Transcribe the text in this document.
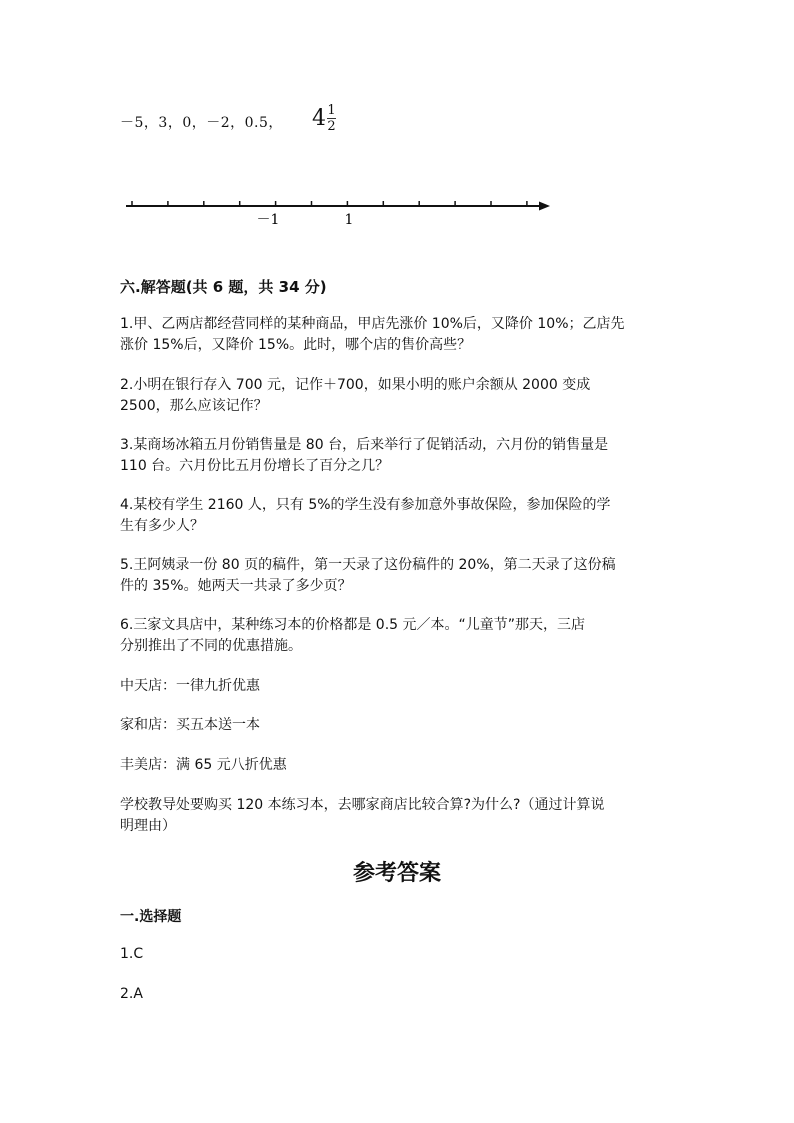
－5，3，0，－2，0.5， $4 \frac{1}{2}$
－1	1
六.解答题(共 6 题，共 34 分)
1.甲、乙两店都经营同样的某种商品，甲店先涨价 10%后，又降价 10%；乙店先
涨价 15%后，又降价 15%。此时，哪个店的售价高些？
2.小明在银行存入 700 元，记作＋700，如果小明的账户余额从 2000 变成
2500，那么应该记作？
3.某商场冰箱五月份销售量是 80 台，后来举行了促销活动，六月份的销售量是
110 台。六月份比五月份增长了百分之几？
4.某校有学生 2160 人，只有 5%的学生没有参加意外事故保险，参加保险的学
生有多少人？
5.王阿姨录一份 80 页的稿件，第一天录了这份稿件的 20%，第二天录了这份稿
件的 35%。她两天一共录了多少页？
6.三家文具店中，某种练习本的价格都是 0.5 元／本。“儿童节”那天，三店
分别推出了不同的优惠措施。
中天店：一律九折优惠
家和店：买五本送一本
丰美店：满 65 元八折优惠
学校教导处要购买 120 本练习本，去哪家商店比较合算?为什么?（通过计算说
明理由）
参考答案
一.选择题
1.C
2.A
